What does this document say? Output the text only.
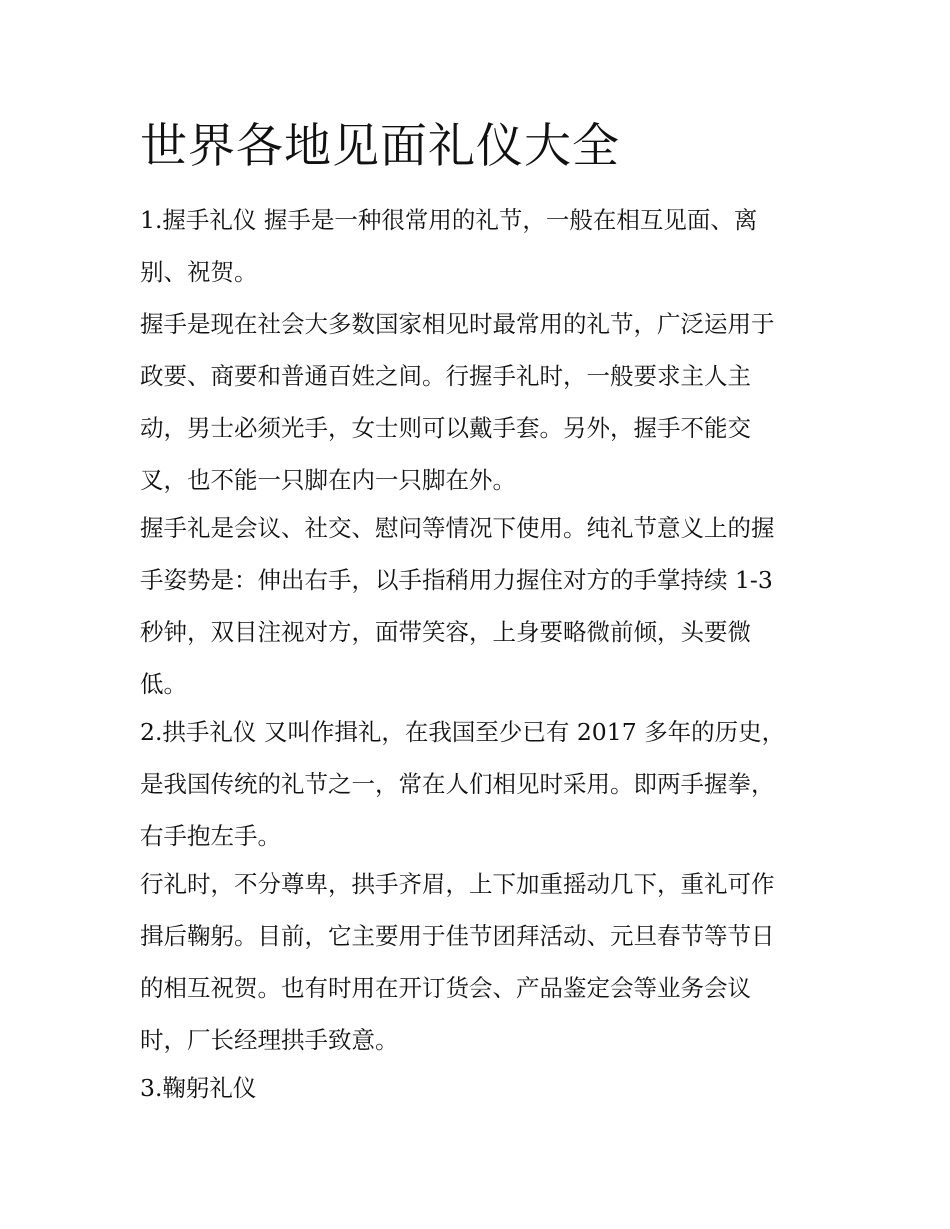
世界各地见面礼仪大全

1.握手礼仪 握手是一种很常用的礼节，一般在相互见面、离
别、祝贺。

握手是现在社会大多数国家相见时最常用的礼节，广泛运用于
政要、商要和普通百姓之间。行握手礼时，一般要求主人主
动，男士必须光手，女士则可以戴手套。另外，握手不能交
叉，也不能一只脚在内一只脚在外。

握手礼是会议、社交、慰问等情况下使用。纯礼节意义上的握
手姿势是：伸出右手，以手指稍用力握住对方的手掌持续 1-3
秒钟，双目注视对方，面带笑容，上身要略微前倾，头要微
低。

2.拱手礼仪 又叫作揖礼，在我国至少已有 2017 多年的历史，
是我国传统的礼节之一，常在人们相见时采用。即两手握拳，
右手抱左手。

行礼时，不分尊卑，拱手齐眉，上下加重摇动几下，重礼可作
揖后鞠躬。目前，它主要用于佳节团拜活动、元旦春节等节日
的相互祝贺。也有时用在开订货会、产品鉴定会等业务会议
时，厂长经理拱手致意。

3.鞠躬礼仪
